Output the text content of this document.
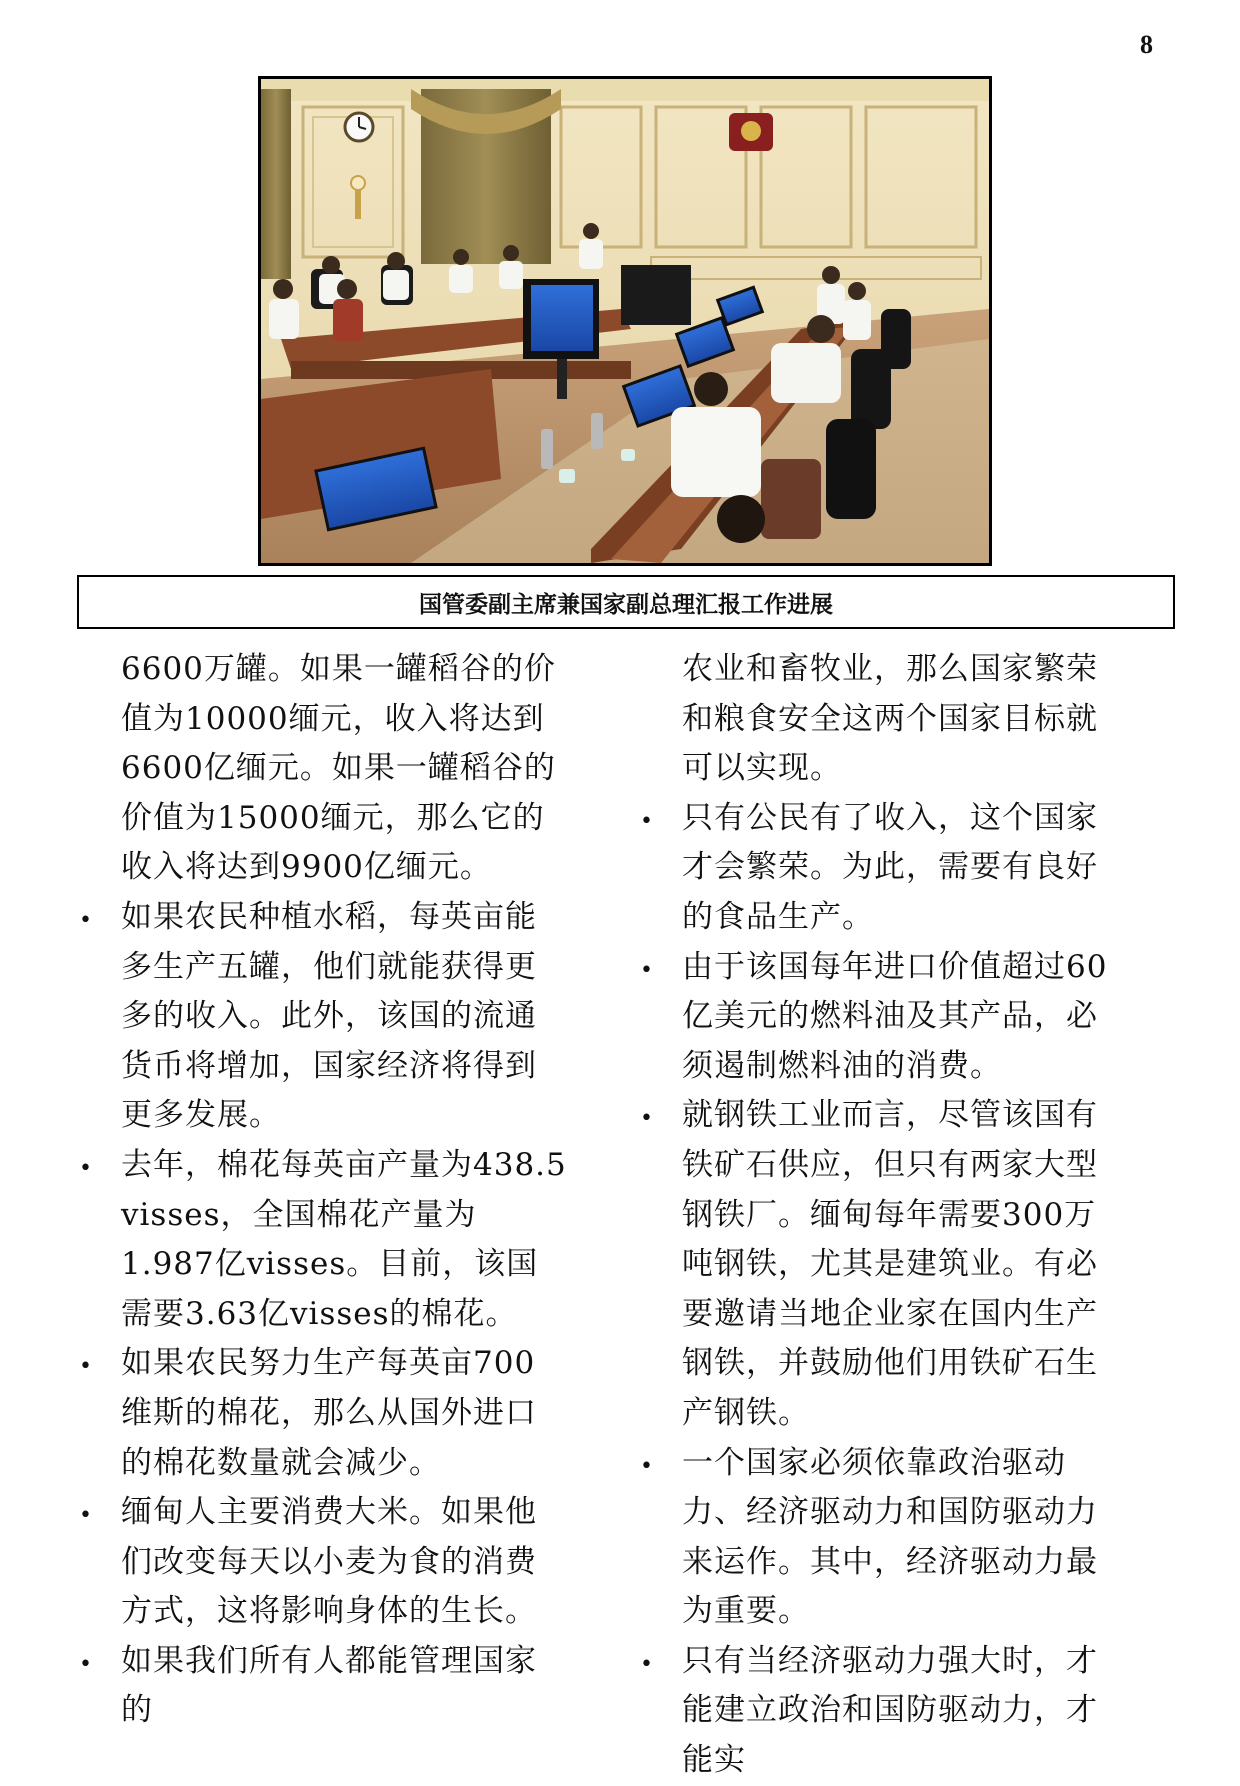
8
国管委副主席兼国家副总理汇报工作进展

6600万罐。如果一罐稻谷的价值为10000缅元，收入将达到6600亿缅元。如果一罐稻谷的价值为15000缅元，那么它的收入将达到9900亿缅元。

• 如果农民种植水稻，每英亩能多生产五罐，他们就能获得更多的收入。此外，该国的流通货币将增加，国家经济将得到更多发展。

• 去年，棉花每英亩产量为438.5 visses，全国棉花产量为1.987亿visses。目前，该国需要3.63亿visses的棉花。

• 如果农民努力生产每英亩700维斯的棉花，那么从国外进口的棉花数量就会减少。

• 缅甸人主要消费大米。如果他们改变每天以小麦为食的消费方式，这将影响身体的生长。

• 如果我们所有人都能管理国家的

农业和畜牧业，那么国家繁荣和粮食安全这两个国家目标就可以实现。

• 只有公民有了收入，这个国家才会繁荣。为此，需要有良好的食品生产。

• 由于该国每年进口价值超过60亿美元的燃料油及其产品，必须遏制燃料油的消费。

• 就钢铁工业而言，尽管该国有铁矿石供应，但只有两家大型钢铁厂。缅甸每年需要300万吨钢铁，尤其是建筑业。有必要邀请当地企业家在国内生产钢铁，并鼓励他们用铁矿石生产钢铁。

• 一个国家必须依靠政治驱动力、经济驱动力和国防驱动力来运作。其中，经济驱动力最为重要。

• 只有当经济驱动力强大时，才能建立政治和国防驱动力，才能实
